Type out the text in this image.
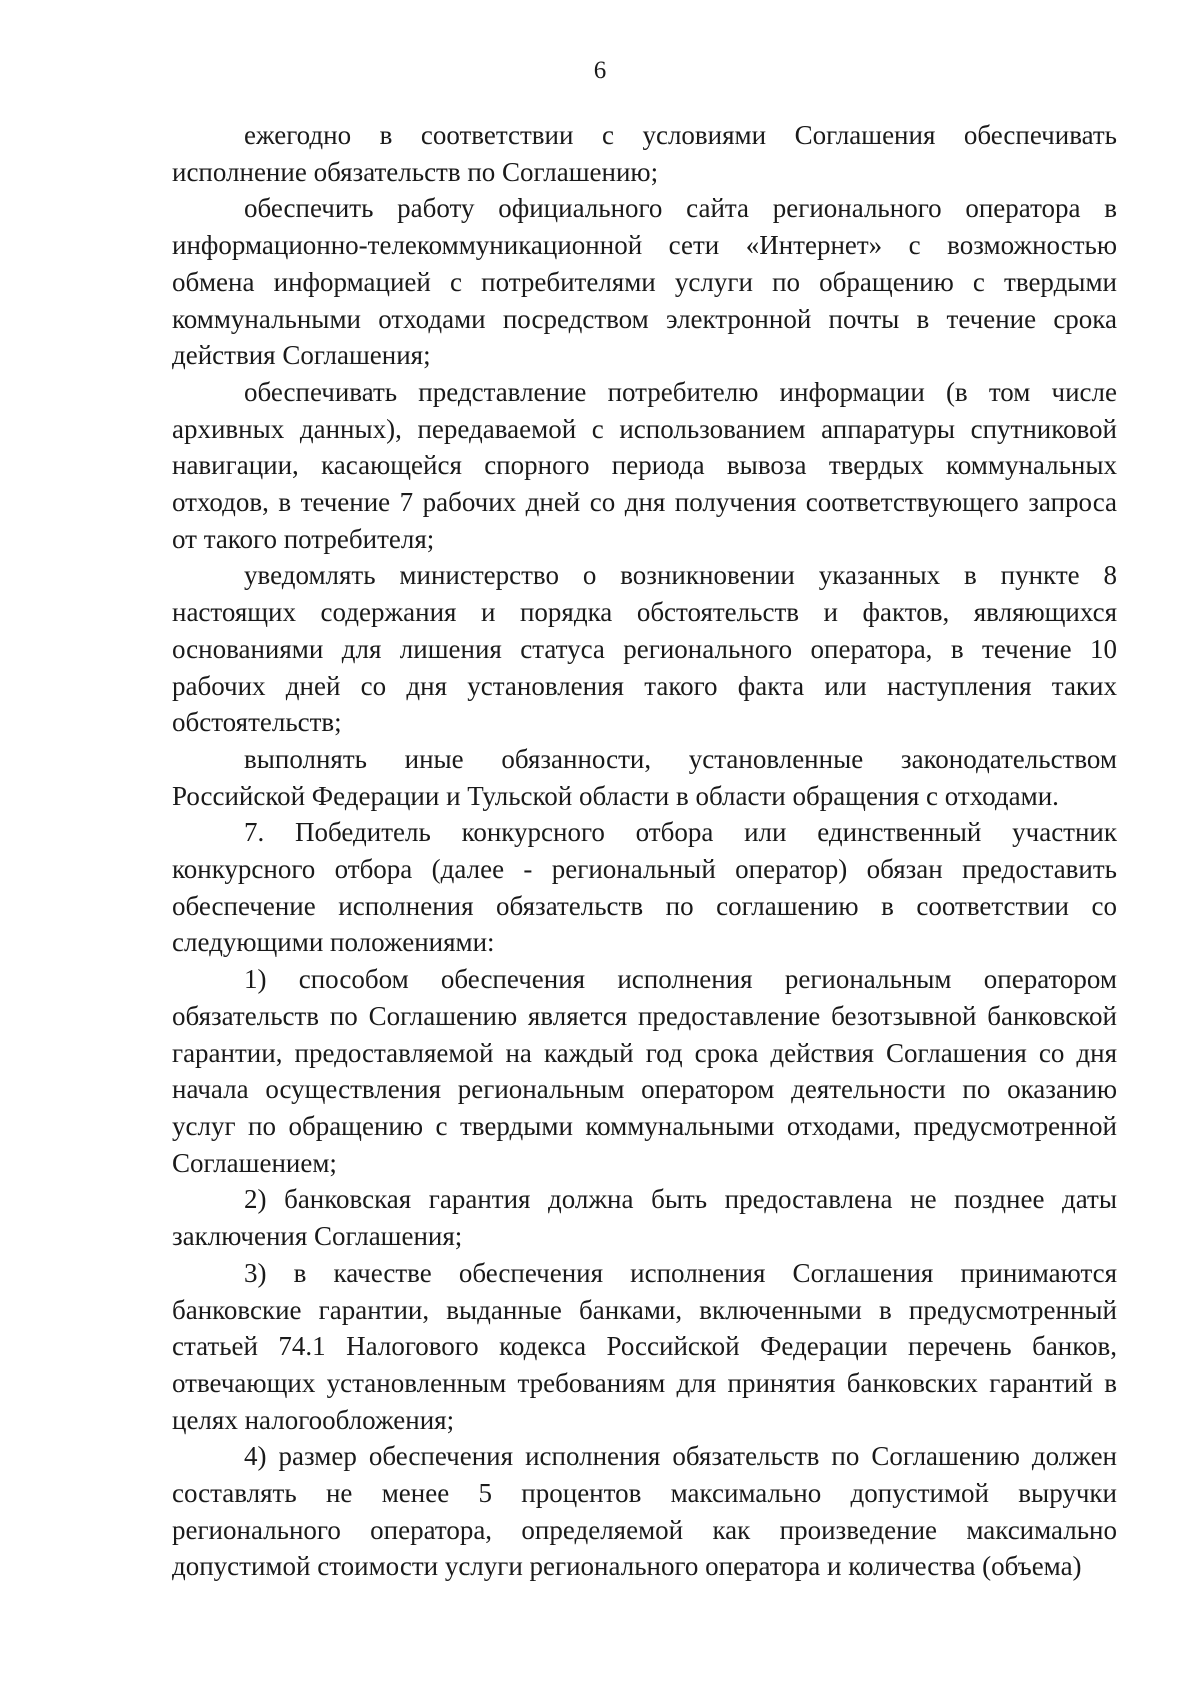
6

ежегодно в соответствии с условиями Соглашения обеспечивать исполнение обязательств по Соглашению;

обеспечить работу официального сайта регионального оператора в информационно-телекоммуникационной сети «Интернет» с возможностью обмена информацией с потребителями услуги по обращению с твердыми коммунальными отходами посредством электронной почты в течение срока действия Соглашения;

обеспечивать представление потребителю информации (в том числе архивных данных), передаваемой с использованием аппаратуры спутниковой навигации, касающейся спорного периода вывоза твердых коммунальных отходов, в течение 7 рабочих дней со дня получения соответствующего запроса от такого потребителя;

уведомлять министерство о возникновении указанных в пункте 8 настоящих содержания и порядка обстоятельств и фактов, являющихся основаниями для лишения статуса регионального оператора, в течение 10 рабочих дней со дня установления такого факта или наступления таких обстоятельств;

выполнять иные обязанности, установленные законодательством Российской Федерации и Тульской области в области обращения с отходами.

7. Победитель конкурсного отбора или единственный участник конкурсного отбора (далее - региональный оператор) обязан предоставить обеспечение исполнения обязательств по соглашению в соответствии со следующими положениями:

1) способом обеспечения исполнения региональным оператором обязательств по Соглашению является предоставление безотзывной банковской гарантии, предоставляемой на каждый год срока действия Соглашения со дня начала осуществления региональным оператором деятельности по оказанию услуг по обращению с твердыми коммунальными отходами, предусмотренной Соглашением;

2) банковская гарантия должна быть предоставлена не позднее даты заключения Соглашения;

3) в качестве обеспечения исполнения Соглашения принимаются банковские гарантии, выданные банками, включенными в предусмотренный статьей 74.1 Налогового кодекса Российской Федерации перечень банков, отвечающих установленным требованиям для принятия банковских гарантий в целях налогообложения;

4) размер обеспечения исполнения обязательств по Соглашению должен составлять не менее 5 процентов максимально допустимой выручки регионального оператора, определяемой как произведение максимально допустимой стоимости услуги регионального оператора и количества (объема)
